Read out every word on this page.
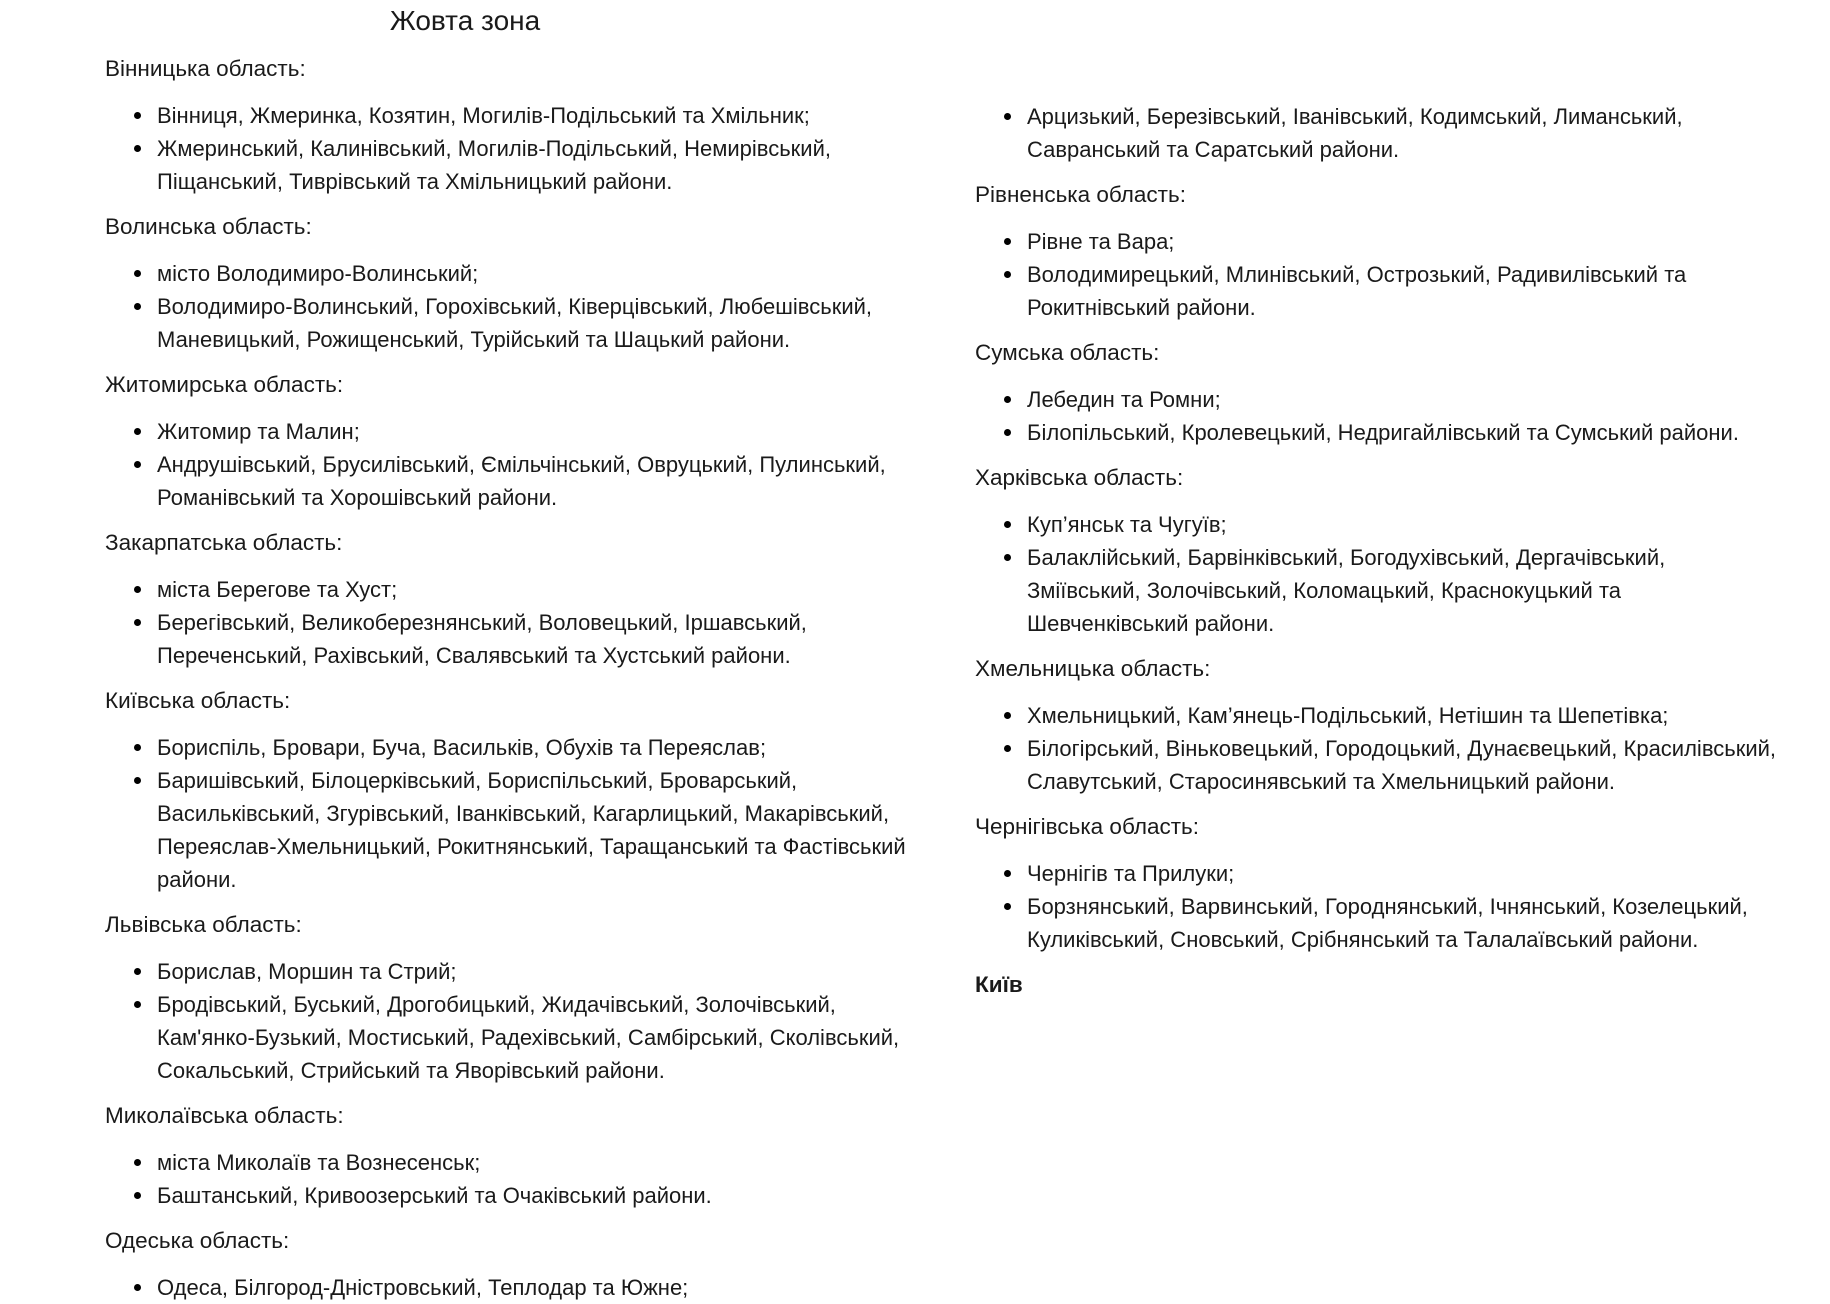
Жовта зона
Вінницька область:
Вінниця, Жмеринка, Козятин, Могилів-Подільський та Хмільник;
Жмеринський, Калинівський, Могилів-Подільський, Немирівський,
Піщанський, Тиврівський та Хмільницький райони.
Волинська область:
місто Володимиро-Волинський;
Володимиро-Волинський, Горохівський, Ківерцівський, Любешівський,
Маневицький, Рожищенський, Турійський та Шацький райони.
Житомирська область:
Житомир та Малин;
Андрушівський, Брусилівський, Ємільчінський, Овруцький, Пулинський,
Романівський та Хорошівський райони.
Закарпатська область:
міста Берегове та Хуст;
Берегівський, Великоберезнянський, Воловецький, Іршавський,
Переченський, Рахівський, Свалявський та Хустський райони.
Київська область:
Бориспіль, Бровари, Буча, Васильків, Обухів та Переяслав;
Баришівський, Білоцерківський, Бориспільський, Броварський,
Васильківський, Згурівський, Іванківський, Кагарлицький, Макарівський,
Переяслав-Хмельницький, Рокитнянський, Таращанський та Фастівський
райони.
Львівська область:
Борислав, Моршин та Стрий;
Бродівський, Буський, Дрогобицький, Жидачівський, Золочівський,
Кам'янко-Бузький, Мостиський, Радехівський, Самбірський, Сколівський,
Сокальський, Стрийський та Яворівський райони.
Миколаївська область:
міста Миколаїв та Вознесенськ;
Баштанський, Кривоозерський та Очаківський райони.
Одеська область:
Одеса, Білгород-Дністровський, Теплодар та Южне;
Арцизький, Березівський, Іванівський, Кодимський, Лиманський,
Савранський та Саратський райони.
Рівненська область:
Рівне та Вара;
Володимирецький, Млинівський, Острозький, Радивилівський та
Рокитнівський райони.
Сумська область:
Лебедин та Ромни;
Білопільський, Кролевецький, Недригайлівський та Сумський райони.
Харківська область:
Куп’янськ та Чугуїв;
Балаклійський, Барвінківський, Богодухівський, Дергачівський,
Зміївський, Золочівський, Коломацький, Краснокуцький та
Шевченківський райони.
Хмельницька область:
Хмельницький, Кам’янець-Подільський, Нетішин та Шепетівка;
Білогірський, Віньковецький, Городоцький, Дунаєвецький, Красилівський,
Славутський, Старосинявський та Хмельницький райони.
Чернігівська область:
Чернігів та Прилуки;
Борзнянський, Варвинський, Городнянський, Ічнянський, Козелецький,
Куликівський, Сновський, Срібнянський та Талалаївський райони.
Київ
